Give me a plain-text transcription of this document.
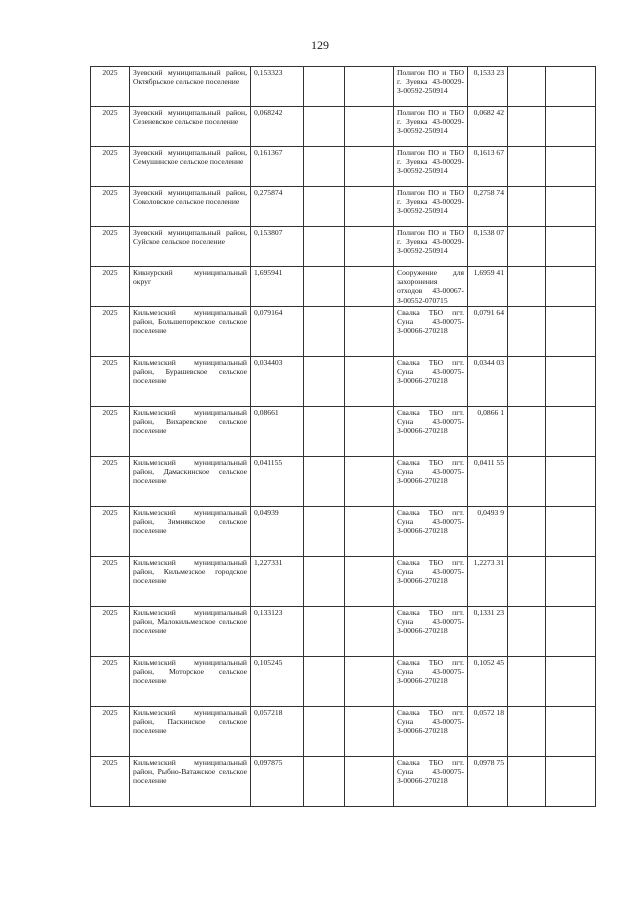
129
2025	Зуевский муниципальный район, Октябрьское сельское поселение	0,153323			Полигон ПО и ТБО г. Зуевка 43-00029-З-00592-250914	0,1533 23		
2025	Зуевский муниципальный район, Сезеневское сельское поселение	0,068242			Полигон ПО и ТБО г. Зуевка 43-00029-З-00592-250914	0,0682 42		
2025	Зуевский муниципальный район, Семушинское сельское поселение	0,161367			Полигон ПО и ТБО г. Зуевка 43-00029-З-00592-250914	0,1613 67		
2025	Зуевский муниципальный район, Соколовское сельское поселение	0,275874			Полигон ПО и ТБО г. Зуевка 43-00029-З-00592-250914	0,2758 74		
2025	Зуевский муниципальный район, Суйское сельское поселение	0,153807			Полигон ПО и ТБО г. Зуевка 43-00029-З-00592-250914	0,1538 07		
2025	Кикнурский муниципальный округ	1,695941			Сооружение для захоронения отходов 43-00067-З-00552-070715	1,6959 41		
2025	Кильмезский муниципальный район, Большепорекское сельское поселение	0,079164			Свалка ТБО пгт. Суна 43-00075-З-00066-270218	0,0791 64		
2025	Кильмезский муниципальный район, Бурашевское сельское поселение	0,034403			Свалка ТБО пгт. Суна 43-00075-З-00066-270218	0,0344 03		
2025	Кильмезский муниципальный район, Вихаревское сельское поселение	0,08661			Свалка ТБО пгт. Суна 43-00075-З-00066-270218	0,0866 1		
2025	Кильмезский муниципальный район, Дамаскинское сельское поселение	0,041155			Свалка ТБО пгт. Суна 43-00075-З-00066-270218	0,0411 55		
2025	Кильмезский муниципальный район, Зимнякское сельское поселение	0,04939			Свалка ТБО пгт. Суна 43-00075-З-00066-270218	0,0493 9		
2025	Кильмезский муниципальный район, Кильмезское городское поселение	1,227331			Свалка ТБО пгт. Суна 43-00075-З-00066-270218	1,2273 31		
2025	Кильмезский муниципальный район, Малокильмезское сельское поселение	0,133123			Свалка ТБО пгт. Суна 43-00075-З-00066-270218	0,1331 23		
2025	Кильмезский муниципальный район, Моторское сельское поселение	0,105245			Свалка ТБО пгт. Суна 43-00075-З-00066-270218	0,1052 45		
2025	Кильмезский муниципальный район, Паскинское сельское поселение	0,057218			Свалка ТБО пгт. Суна 43-00075-З-00066-270218	0,0572 18		
2025	Кильмезский муниципальный район, Рыбно-Ватажское сельское поселение	0,097875			Свалка ТБО пгт. Суна 43-00075-З-00066-270218	0,0978 75		
